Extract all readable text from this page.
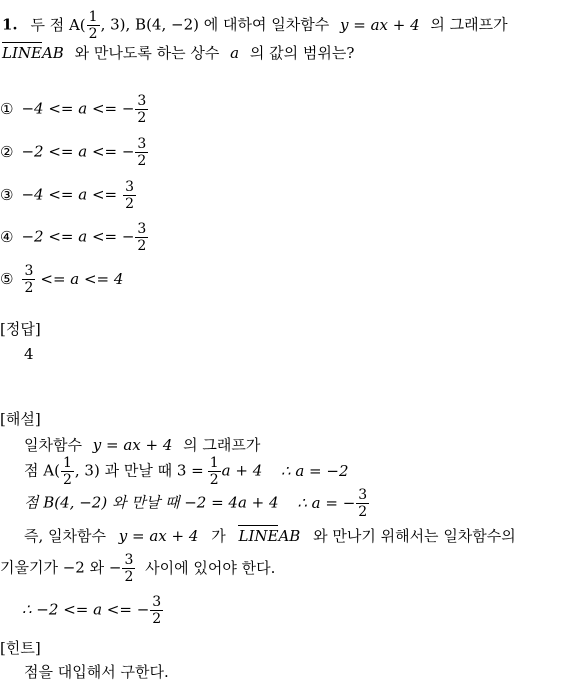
1. 두 점 $A( \frac{1}{2}$ , 3), B(4, −2) 에 대하여 일차함수 y = ax + 4 의 그래프가
LINEAB 와 만나도록 하는 상수 a 의 값의 범위는?
① −4 <= a <= − $\frac{3}{2}$
② −2 <= a <= − $\frac{3}{2}$
③ $-4 <= a <= \frac{3}{2}$
④ −2 <= a <= − $\frac{3}{2}$
⑤ $\frac{3}{2} <= a <= 4$
[정답]
4
[해설]
일차함수 y = ax + 4 의 그래프가
점 $A( \frac{1}{2}$ , 3) 과 만날 때 $3 = \frac{1}{2}$ a + 4 ∴ a = −2
점 B(4, −2) 와 만날 때 −2 = 4a + 4 ∴ a = − $\frac{3}{2}$
즉, 일차함수 y = ax + 4 가 LINEAB 와 만나기 위해서는 일차함수의
기울기가 −2 와 − $\frac{3}{2}$ 사이에 있어야 한다.
∴ −2 <= a <= − $\frac{3}{2}$
[힌트]
점을 대입해서 구한다.
